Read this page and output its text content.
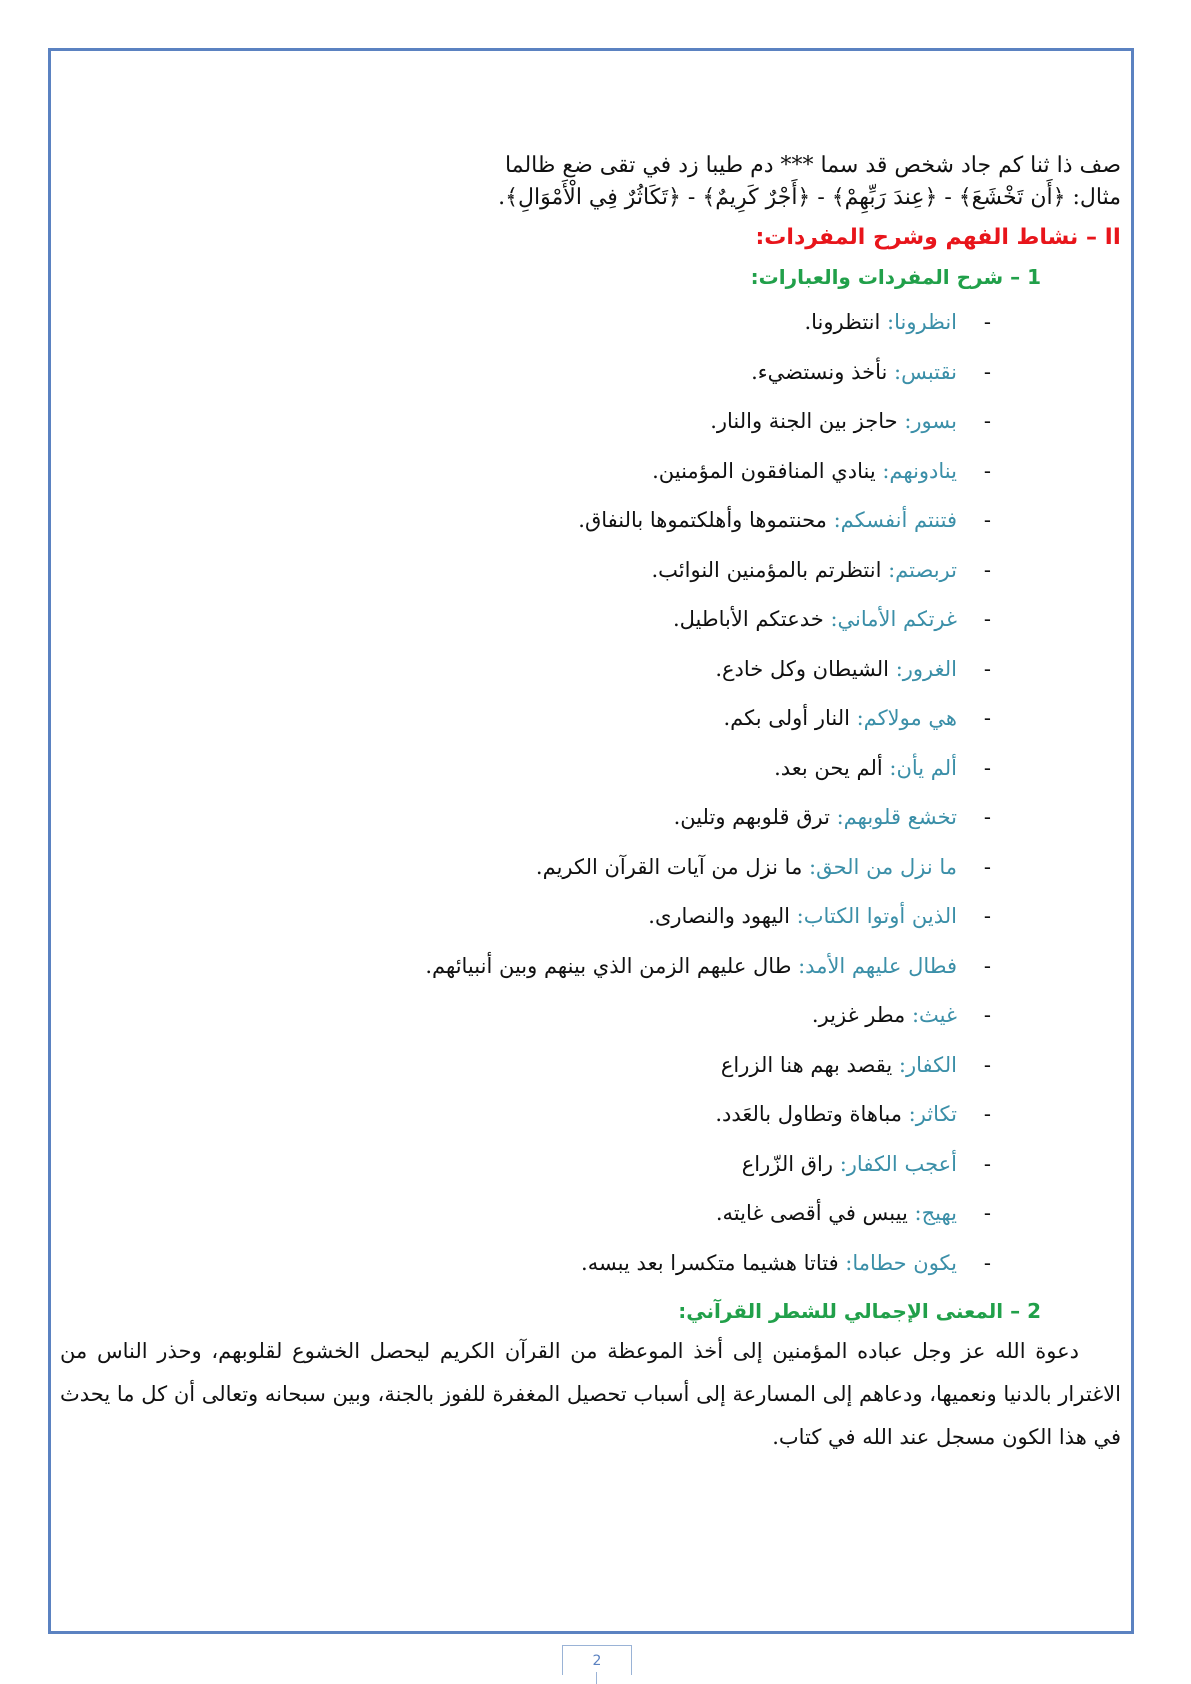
صف ذا ثنا كم جاد شخص قد سما *** دم طيبا زد في تقى ضع ظالما

مثال: ﴿أَن تَخْشَعَ﴾ - ﴿عِندَ رَبِّهِمْ﴾ - ﴿أَجْرٌ كَرِيمٌ﴾ - ﴿تَكَاثُرٌ فِي الْأَمْوَالِ﴾.

II – نشاط الفهم وشرح المفردات:
1 – شرح المفردات والعبارات:
-انظرونا: انتظرونا.
-نقتبس: نأخذ ونستضيء.
-بسور: حاجز بين الجنة والنار.
-ينادونهم: ينادي المنافقون المؤمنين.
-فتنتم أنفسكم: محنتموها وأهلكتموها بالنفاق.
-تربصتم: انتظرتم بالمؤمنين النوائب.
-غرتكم الأماني: خدعتكم الأباطيل.
-الغرور: الشيطان وكل خادع.
-هي مولاكم: النار أولى بكم.
-ألم يأن: ألم يحن بعد.
-تخشع قلوبهم: ترق قلوبهم وتلين.
-ما نزل من الحق: ما نزل من آيات القرآن الكريم.
-الذين أوتوا الكتاب: اليهود والنصارى.
-فطال عليهم الأمد: طال عليهم الزمن الذي بينهم وبين أنبيائهم.
-غيث: مطر غزير.
-الكفار: يقصد بهم هنا الزراع
-تكاثر: مباهاة وتطاول بالعَدد.
-أعجب الكفار: راق الزّراع
-يهيج: ييبس في أقصى غايته.
-يكون حطاما: فتاتا هشيما متكسرا بعد يبسه.
2 – المعنى الإجمالي للشطر القرآني:

دعوة الله عز وجل عباده المؤمنين إلى أخذ الموعظة من القرآن الكريم ليحصل الخشوع لقلوبهم، وحذر الناس من الاغترار بالدنيا ونعميها، ودعاهم إلى المسارعة إلى أسباب تحصيل المغفرة للفوز بالجنة، وبين سبحانه وتعالى أن كل ما يحدث في هذا الكون مسجل عند الله في كتاب.

2
